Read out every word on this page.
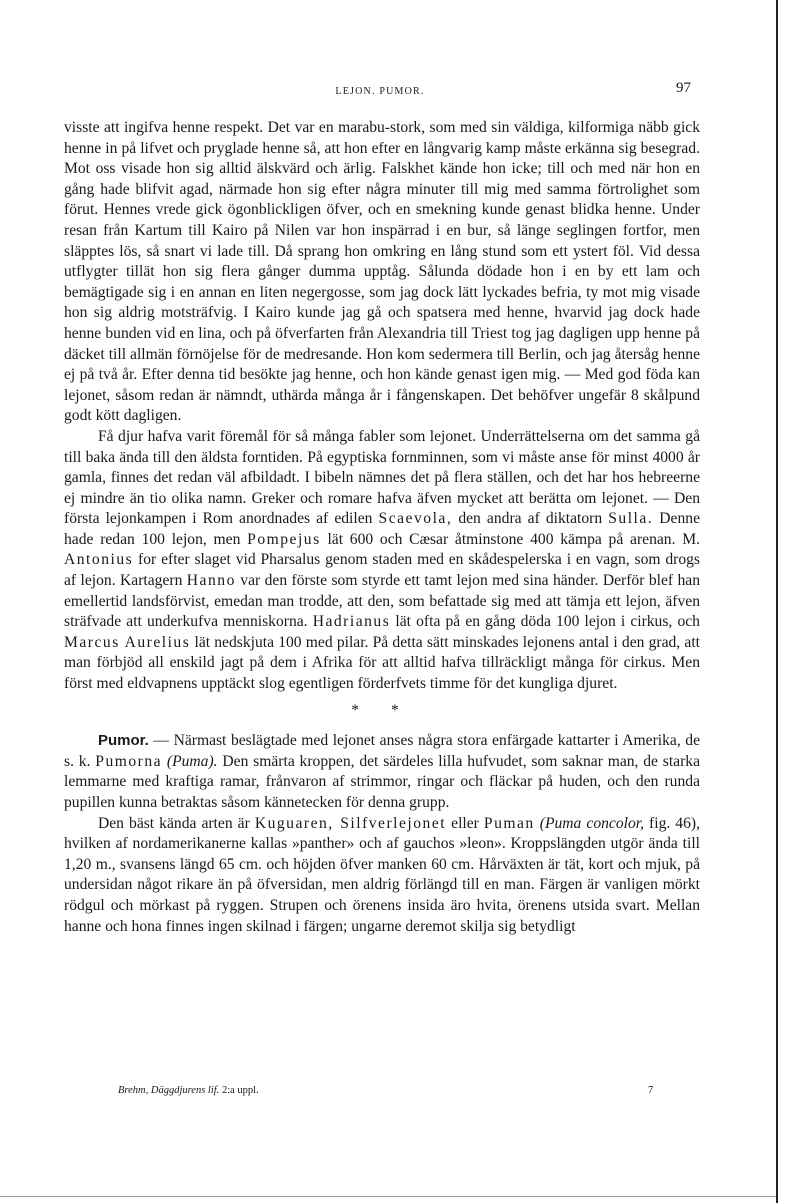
LEJON. PUMOR.	97

visste att ingifva henne respekt. Det var en marabu-stork, som med sin väldiga, kilformiga näbb gick henne in på lifvet och pryglade henne så, att hon efter en långvarig kamp måste erkänna sig besegrad. Mot oss visade hon sig alltid älskvärd och ärlig. Falskhet kände hon icke; till och med när hon en gång hade blifvit agad, närmade hon sig efter några minuter till mig med samma förtrolighet som förut. Hennes vrede gick ögonblickligen öfver, och en smekning kunde genast blidka henne. Under resan från Kartum till Kairo på Nilen var hon inspärrad i en bur, så länge seglingen fortfor, men släpptes lös, så snart vi lade till. Då sprang hon omkring en lång stund som ett ystert föl. Vid dessa utflygter tillät hon sig flera gånger dumma upptåg. Sålunda dödade hon i en by ett lam och bemägtigade sig i en annan en liten negergosse, som jag dock lätt lyckades befria, ty mot mig visade hon sig aldrig motsträfvig. I Kairo kunde jag gå och spatsera med henne, hvarvid jag dock hade henne bunden vid en lina, och på öfverfarten från Alexandria till Triest tog jag dagligen upp henne på däcket till allmän förnöjelse för de medresande. Hon kom sedermera till Berlin, och jag återsåg henne ej på två år. Efter denna tid besökte jag henne, och hon kände genast igen mig. — Med god föda kan lejonet, såsom redan är nämndt, uthärda många år i fångenskapen. Det behöfver ungefär 8 skålpund godt kött dagligen.

Få djur hafva varit föremål för så många fabler som lejonet. Underrättelserna om det samma gå till baka ända till den äldsta forntiden. På egyptiska fornminnen, som vi måste anse för minst 4000 år gamla, finnes det redan väl afbildadt. I bibeln nämnes det på flera ställen, och det har hos hebreerne ej mindre än tio olika namn. Greker och romare hafva äfven mycket att berätta om lejonet. — Den första lejonkampen i Rom anordnades af edilen Scaevola, den andra af diktatorn Sulla. Denne hade redan 100 lejon, men Pompejus lät 600 och Cæsar åtminstone 400 kämpa på arenan. M. Antonius for efter slaget vid Pharsalus genom staden med en skådespelerska i en vagn, som drogs af lejon. Kartagern Hanno var den förste som styrde ett tamt lejon med sina händer. Derför blef han emellertid landsförvist, emedan man trodde, att den, som befattade sig med att tämja ett lejon, äfven sträfvade att underkufva menniskorna. Hadrianus lät ofta på en gång döda 100 lejon i cirkus, och Marcus Aurelius lät nedskjuta 100 med pilar. På detta sätt minskades lejonens antal i den grad, att man förbjöd all enskild jagt på dem i Afrika för att alltid hafva tillräckligt många för cirkus. Men först med eldvapnens upptäckt slog egentligen förderfvets timme för det kungliga djuret.

* *

Pumor. — Närmast beslägtade med lejonet anses några stora enfärgade kattarter i Amerika, de s. k. Pumorna (Puma). Den smärta kroppen, det särdeles lilla hufvudet, som saknar man, de starka lemmarne med kraftiga ramar, frånvaron af strimmor, ringar och fläckar på huden, och den runda pupillen kunna betraktas såsom kännetecken för denna grupp.

Den bäst kända arten är Kuguaren, Silfverlejonet eller Puman (Puma concolor, fig. 46), hvilken af nordamerikanerne kallas »panther» och af gauchos »leon». Kroppslängden utgör ända till 1,20 m., svansens längd 65 cm. och höjden öfver manken 60 cm. Hårväxten är tät, kort och mjuk, på undersidan något rikare än på öfversidan, men aldrig förlängd till en man. Färgen är vanligen mörkt rödgul och mörkast på ryggen. Strupen och örenens insida äro hvita, örenens utsida svart. Mellan hanne och hona finnes ingen skilnad i färgen; ungarne deremot skilja sig betydligt

Brehm, Däggdjurens lif. 2:a uppl.	7
